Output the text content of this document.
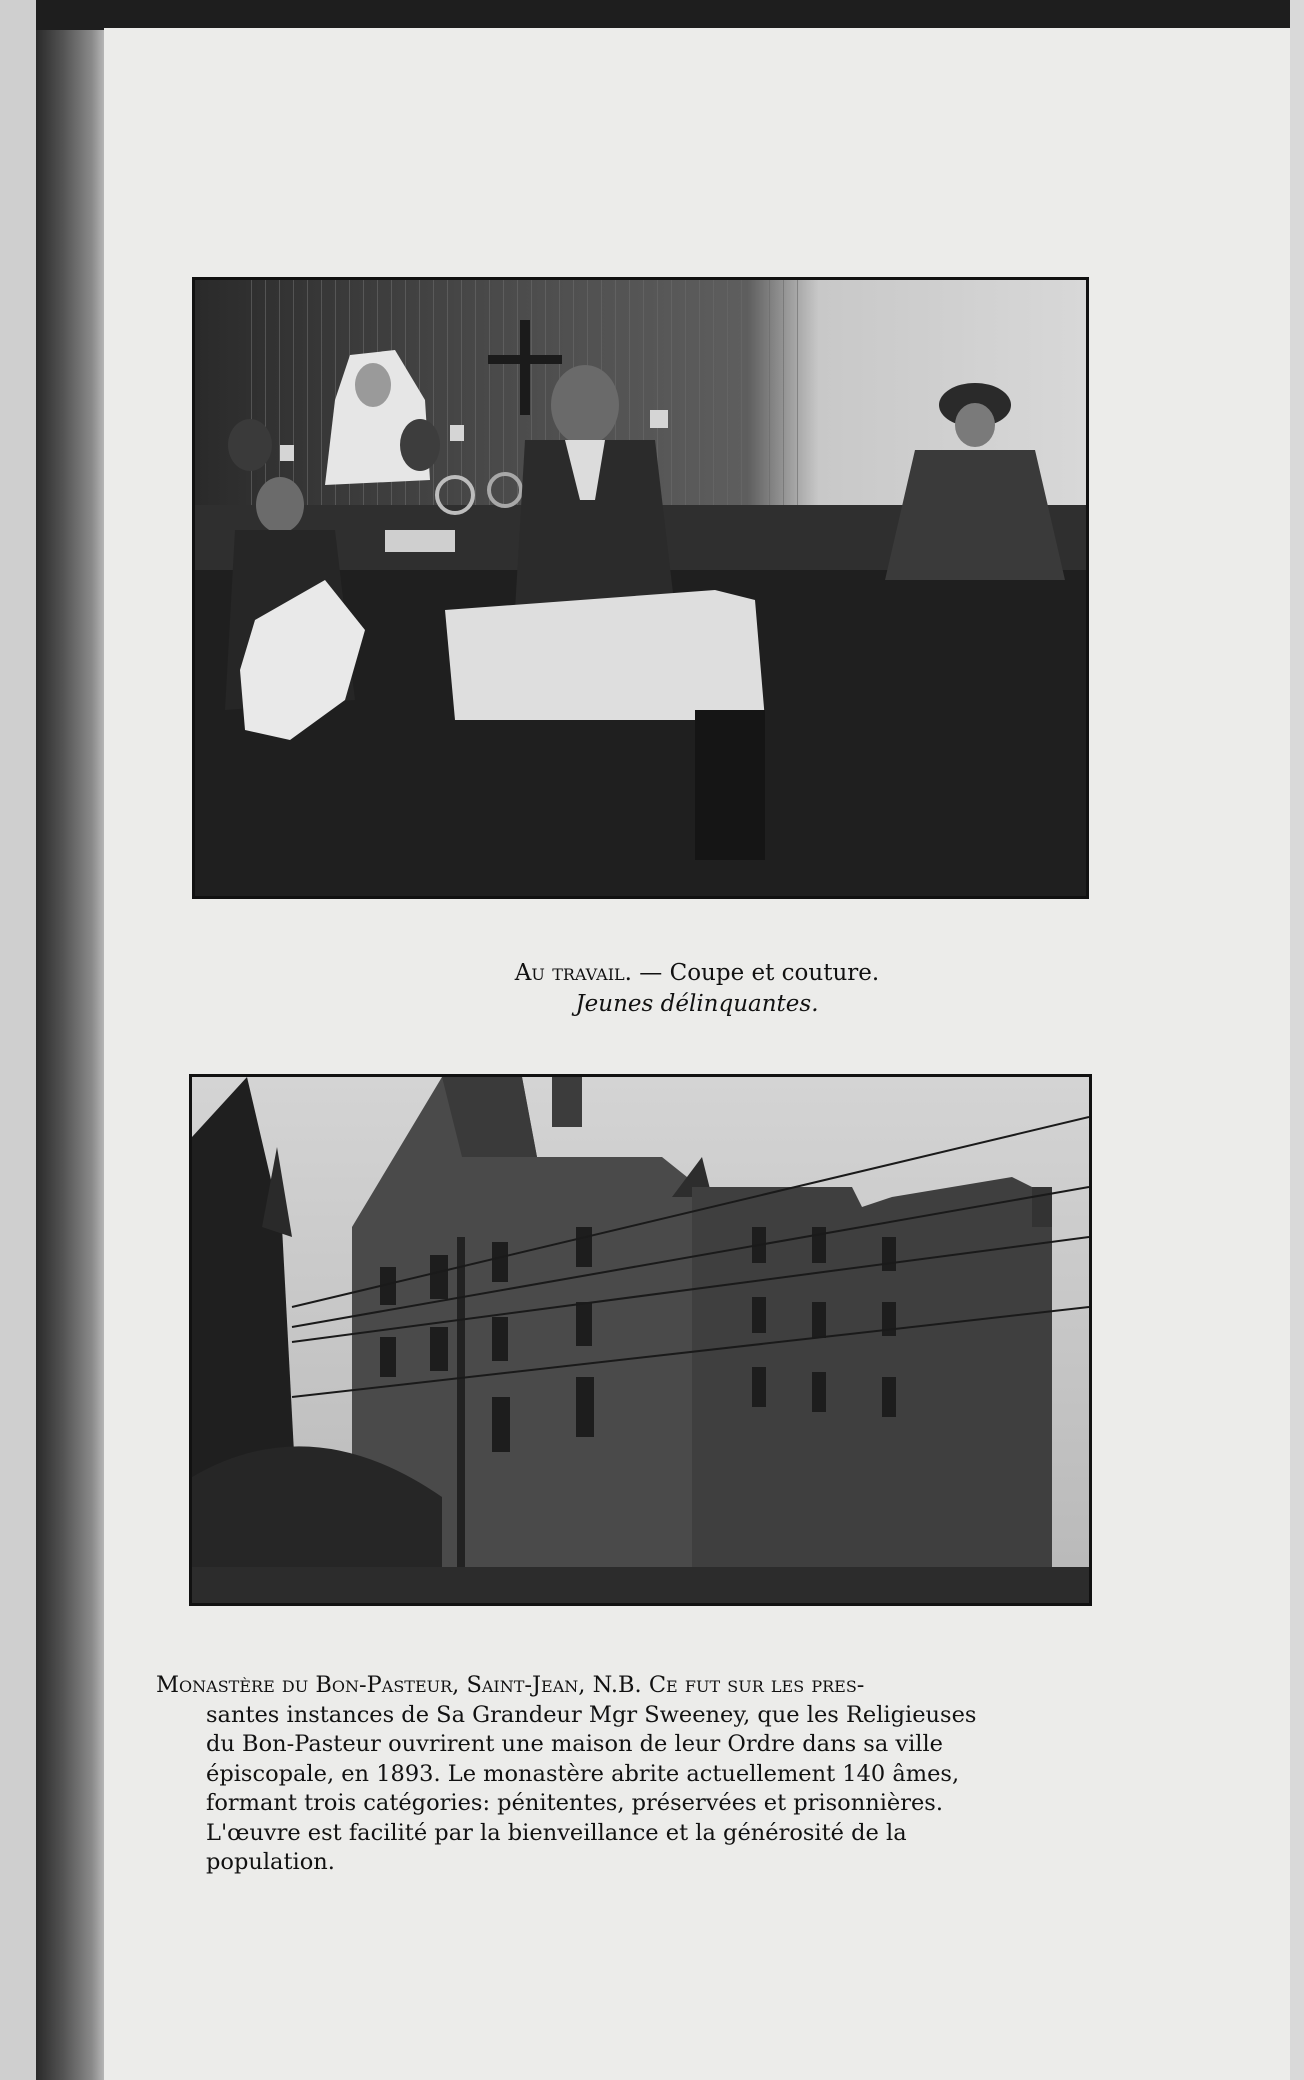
Au travail. — Coupe et couture.
Jeunes délinquantes.
Monastère du Bon-Pasteur, Saint-Jean, N.B. Ce fut sur les pres-
santes instances de Sa Grandeur Mgr Sweeney, que les Religieuses
du Bon-Pasteur ouvrirent une maison de leur Ordre dans sa ville
épiscopale, en 1893. Le monastère abrite actuellement 140 âmes,
formant trois catégories: pénitentes, préservées et prisonnières.
L'œuvre est facilité par la bienveillance et la générosité de la
population.
